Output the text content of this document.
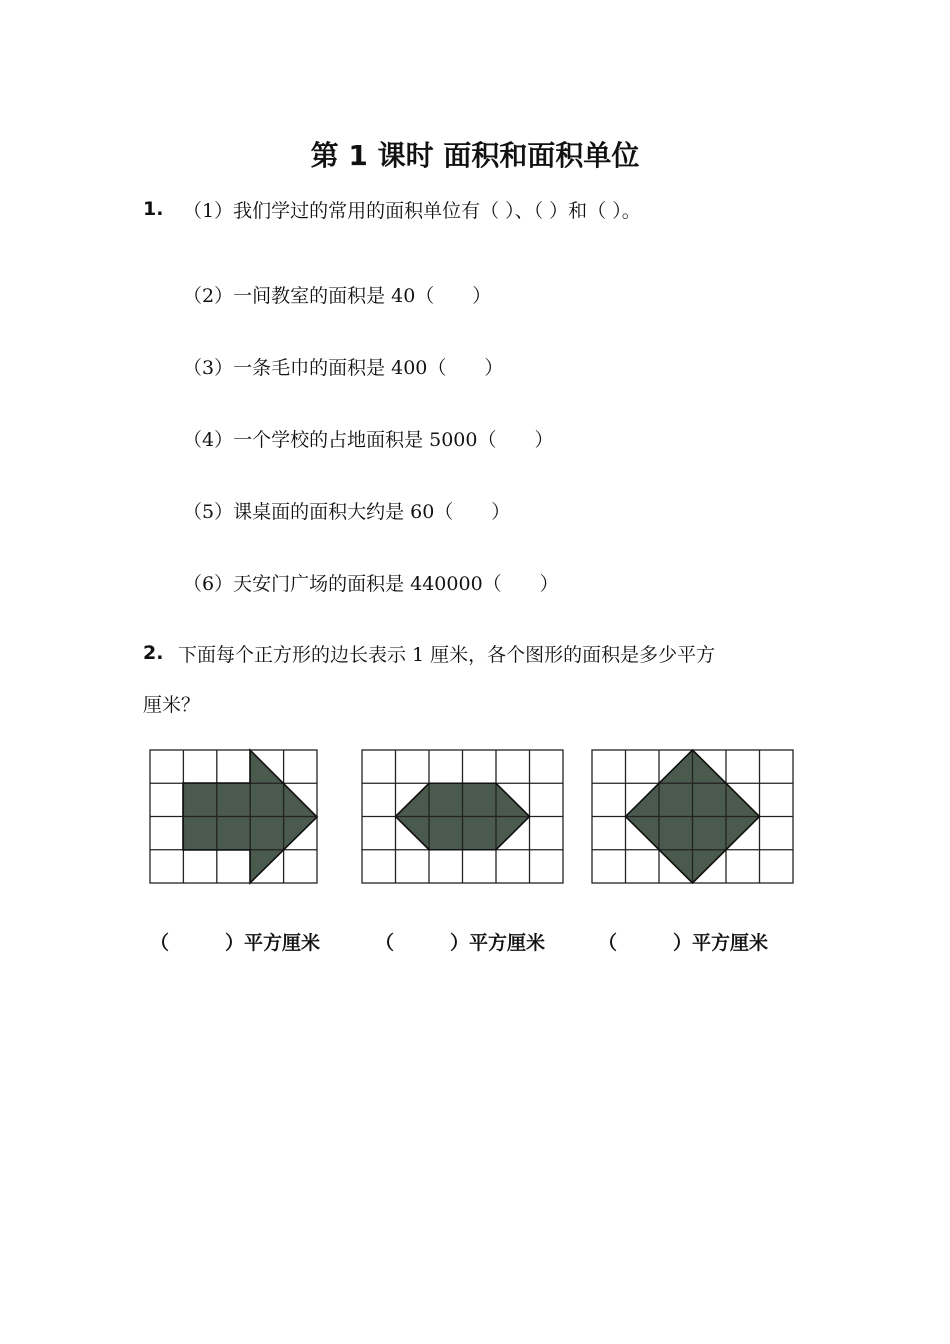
第 1 课时 面积和面积单位
1. （1）我们学过的常用的面积单位有（ ）、（ ）和（ ）。
（2）一间教室的面积是 40（　　）
（3）一条毛巾的面积是 400（　　）
（4）一个学校的占地面积是 5000（　　）
（5）课桌面的面积大约是 60（　　）
（6）天安门广场的面积是 440000（　　）
2. 下面每个正方形的边长表示 1 厘米，各个图形的面积是多少平方
厘米？
（	）平方厘米	（	）平方厘米	（	）平方厘米
